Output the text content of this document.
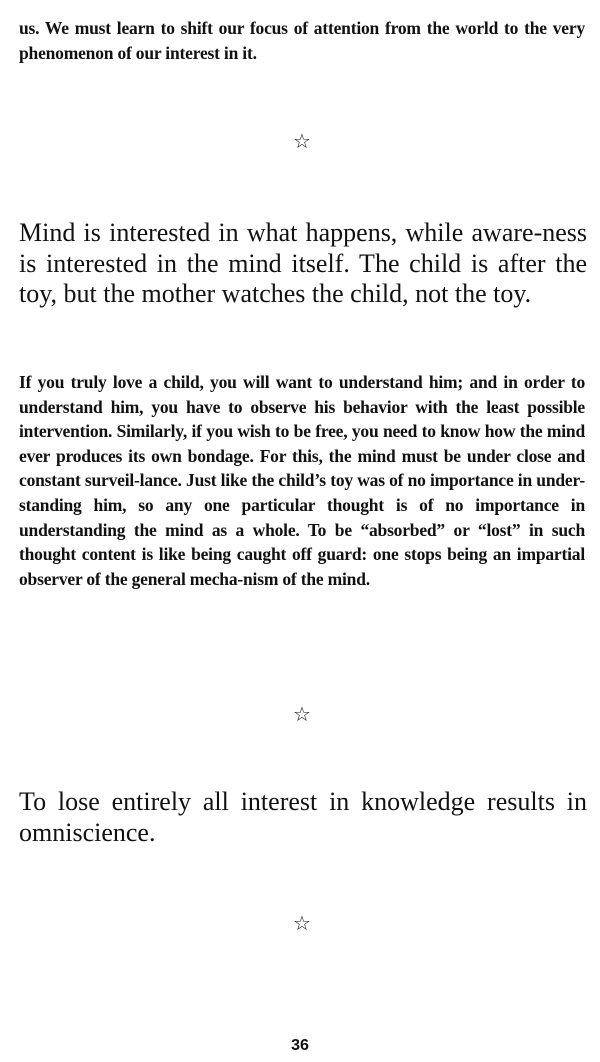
us. We must learn to shift our focus of attention from the world to the very phenomenon of our interest in it.

☆

Mind is interested in what happens, while aware-ness is interested in the mind itself. The child is after the toy, but the mother watches the child, not the toy.

If you truly love a child, you will want to understand him; and in order to understand him, you have to observe his behavior with the least possible intervention. Similarly, if you wish to be free, you need to know how the mind ever produces its own bondage. For this, the mind must be under close and constant surveil-lance. Just like the child’s toy was of no importance in under-standing him, so any one particular thought is of no importance in understanding the mind as a whole. To be “absorbed” or “lost” in such thought content is like being caught off guard: one stops being an impartial observer of the general mecha-nism of the mind.

☆

To lose entirely all interest in knowledge results in omniscience.

☆
36
